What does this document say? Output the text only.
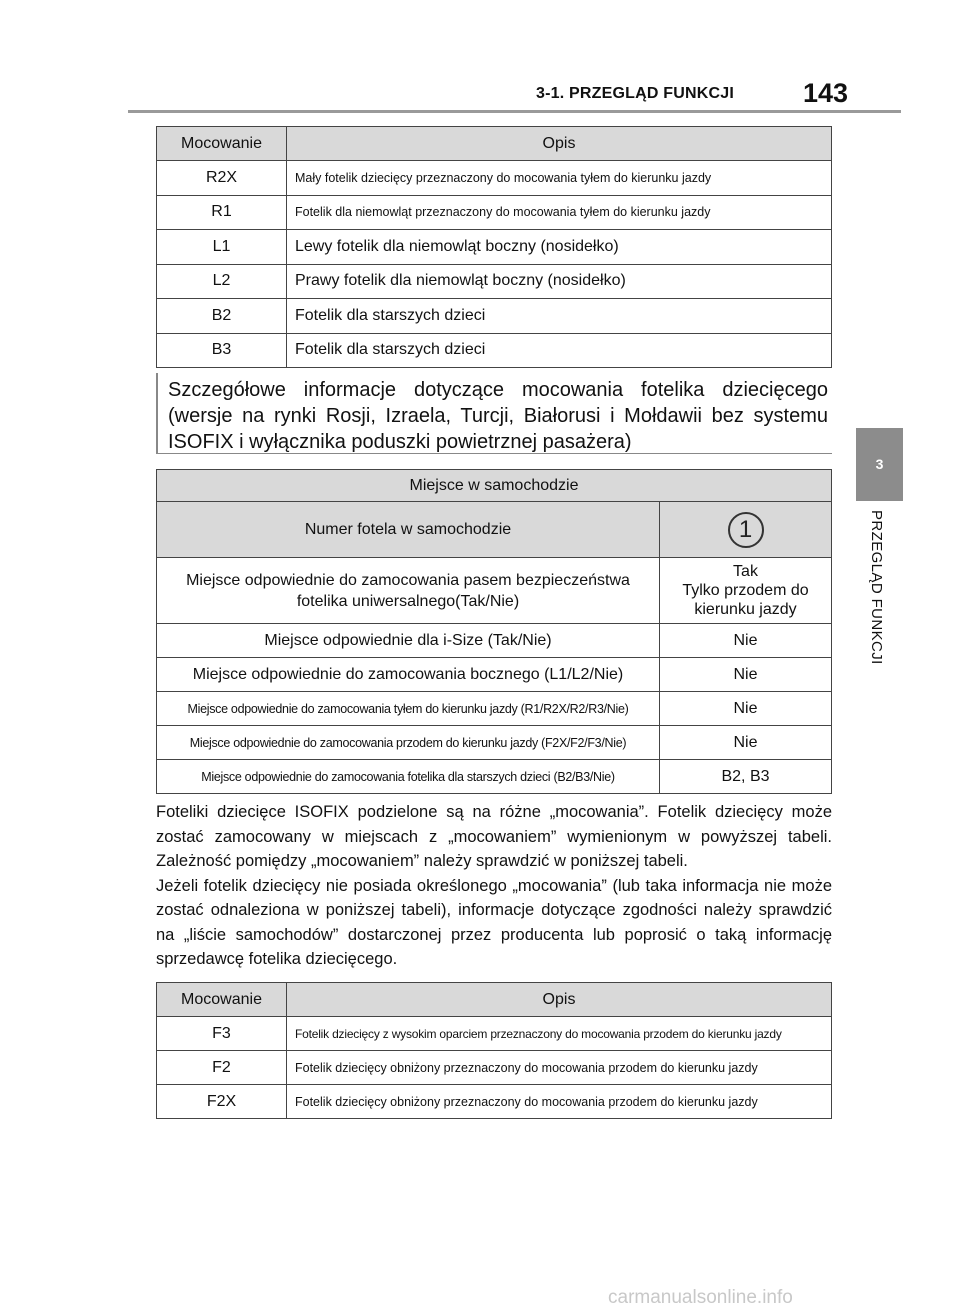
3-1. PRZEGLĄD FUNKCJI	143
3
PRZEGLĄD FUNKCJI
Mocowanie	Opis
R2X	Mały fotelik dziecięcy przeznaczony do mocowania tyłem do kierunku jazdy
R1	Fotelik dla niemowląt przeznaczony do mocowania tyłem do kierunku jazdy
L1	Lewy fotelik dla niemowląt boczny (nosidełko)
L2	Prawy fotelik dla niemowląt boczny (nosidełko)
B2	Fotelik dla starszych dzieci
B3	Fotelik dla starszych dzieci
Szczegółowe informacje dotyczące mocowania fotelika dziecięcego (wersje na rynki Rosji, Izraela, Turcji, Białorusi i Mołdawii bez systemu ISOFIX i wyłącznika poduszki powietrznej pasażera)
Miejsce w samochodzie	
Numer fotela w samochodzie	1
Miejsce odpowiednie do zamocowania pasem bezpieczeństwa fotelika uniwersalnego(Tak/Nie)	Tak
Tylko przodem do kierunku jazdy

Miejsce odpowiednie dla i-Size (Tak/Nie)	Nie
Miejsce odpowiednie do zamocowania bocznego (L1/L2/Nie)	Nie
Miejsce odpowiednie do zamocowania tyłem do kierunku jazdy (R1/R2X/R2/R3/Nie)	Nie
Miejsce odpowiednie do zamocowania przodem do kierunku jazdy (F2X/F2/F3/Nie)	Nie
Miejsce odpowiednie do zamocowania fotelika dla starszych dzieci (B2/B3/Nie)	B2, B3

Foteliki dziecięce ISOFIX podzielone są na różne „mocowania”. Fotelik dziecięcy może zostać zamocowany w miejscach z „mocowaniem” wymienionym w powyższej tabeli. Zależność pomiędzy „mocowaniem” należy sprawdzić w poniższej tabeli.

Jeżeli fotelik dziecięcy nie posiada określonego „mocowania” (lub taka informacja nie może zostać odnaleziona w poniższej tabeli), informacje dotyczące zgodności należy sprawdzić na „liście samochodów” dostarczonej przez producenta lub poprosić o taką informację sprzedawcę fotelika dziecięcego.

Mocowanie	Opis
F3	Fotelik dziecięcy z wysokim oparciem przeznaczony do mocowania przodem do kierunku jazdy
F2	Fotelik dziecięcy obniżony przeznaczony do mocowania przodem do kierunku jazdy
F2X	Fotelik dziecięcy obniżony przeznaczony do mocowania przodem do kierunku jazdy
carmanualsonline.info
